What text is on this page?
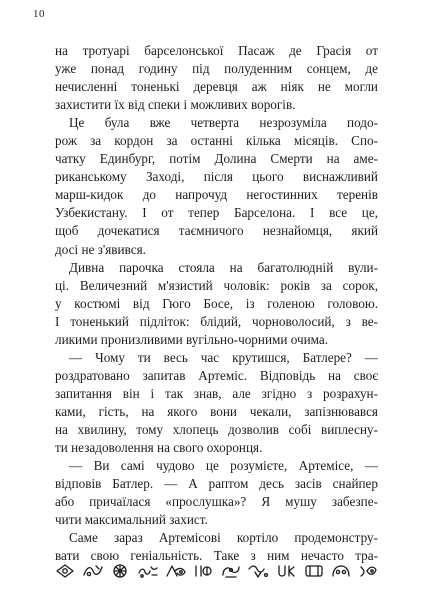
10
на тротуарі барселонської Пасаж де Грасія от
уже понад годину під полуденним сонцем, де
нечисленні тоненькі деревця аж ніяк не могли
захистити їх від спеки і можливих ворогів.
Це була вже четверта незрозуміла подо-
рож за кордон за останні кілька місяців. Спо-
чатку Единбург, потім Долина Смерти на аме-
риканському Заході, після цього виснажливий
марш-кидок до напрочуд негостинних теренів
Узбекистану. І от тепер Барселона. І все це,
щоб дочекатися таємничого незнайомця, який
досі не з'явився.
Дивна парочка стояла на багатолюдній вули-
ці. Величезний м'язистий чоловік: років за сорок,
у костюмі від Гюго Босе, із голеною головою.
І тоненький підліток: блідий, чорноволосий, з ве-
ликими пронизливими вугільно-чорними очима.
— Чому ти весь час крутишся, Батлере? —
роздратовано запитав Артеміс. Відповідь на своє
запитання він і так знав, але згідно з розрахун-
ками, гість, на якого вони чекали, запізнювався
на хвилину, тому хлопець дозволив собі виплесну-
ти незадоволення на свого охоронця.
— Ви самі чудово це розумієте, Артемісе, —
відповів Батлер. — А раптом десь засів снайпер
або причаїлася «прослушка»? Я мушу забезпе-
чити максимальний захист.
Саме зараз Артемісові кортіло продемонстру-
вати свою геніальність. Таке з ним нечасто тра-
